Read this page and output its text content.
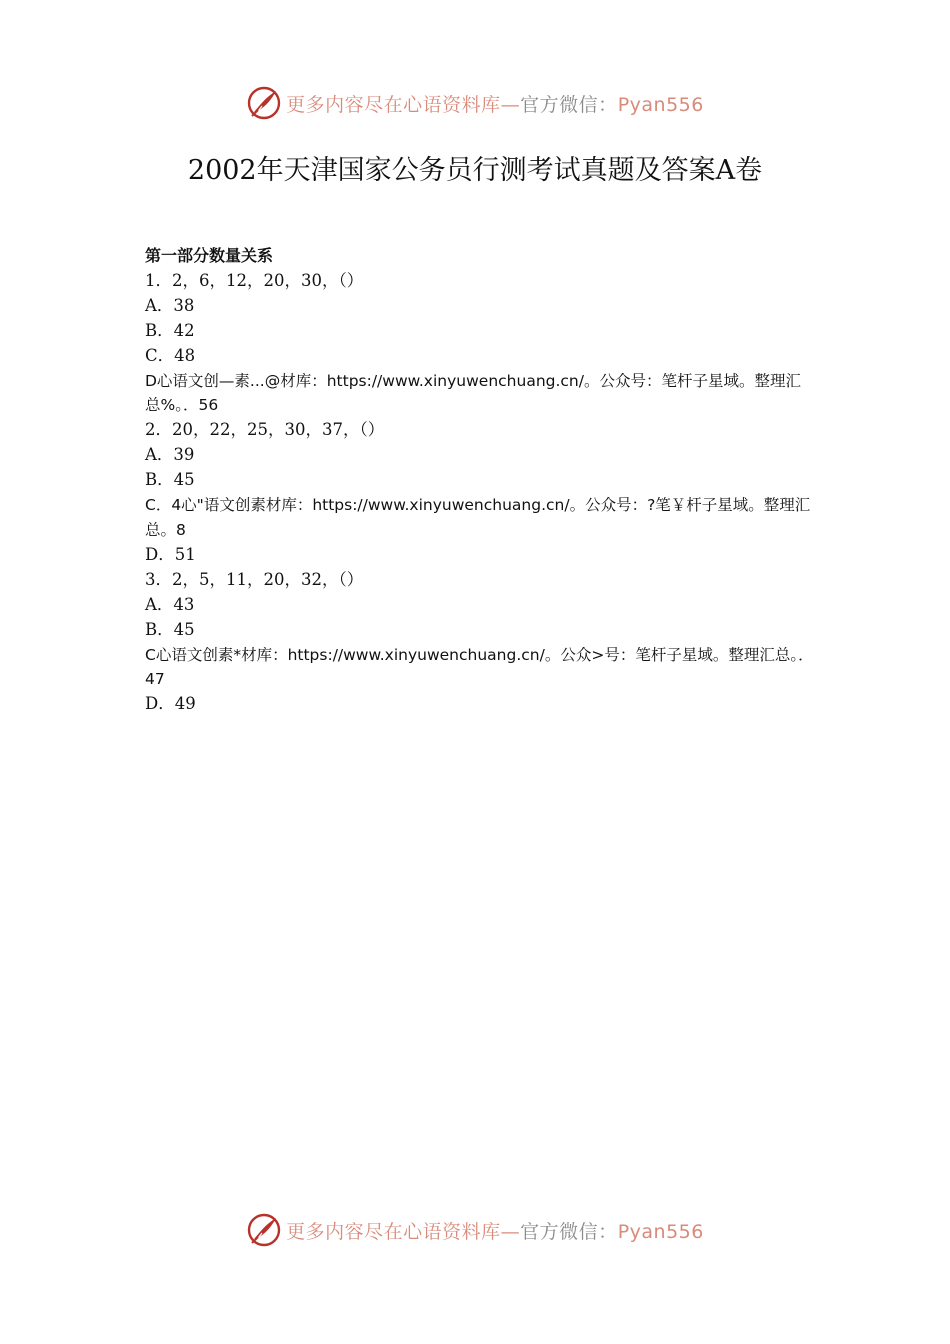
更多内容尽在心语资料库—官方微信：Pyan556
2002年天津国家公务员行测考试真题及答案A卷
第一部分数量关系
1．2，6，12，20，30，（）
A．38
B．42
C．48
D心语文创—素...@材库：https://www.xinyuwenchuang.cn/。公众号：笔杆子星域。整理汇总%。．56
2．20，22，25，30，37，（）
A．39
B．45
C．4心"语文创素材库：https://www.xinyuwenchuang.cn/。公众号：?笔￥杆子星域。整理汇总。8
D．51
3．2，5，11，20，32，（）
A．43
B．45
C心语文创素*材库：https://www.xinyuwenchuang.cn/。公众>号：笔杆子星域。整理汇总。．47
D．49
更多内容尽在心语资料库—官方微信：Pyan556
